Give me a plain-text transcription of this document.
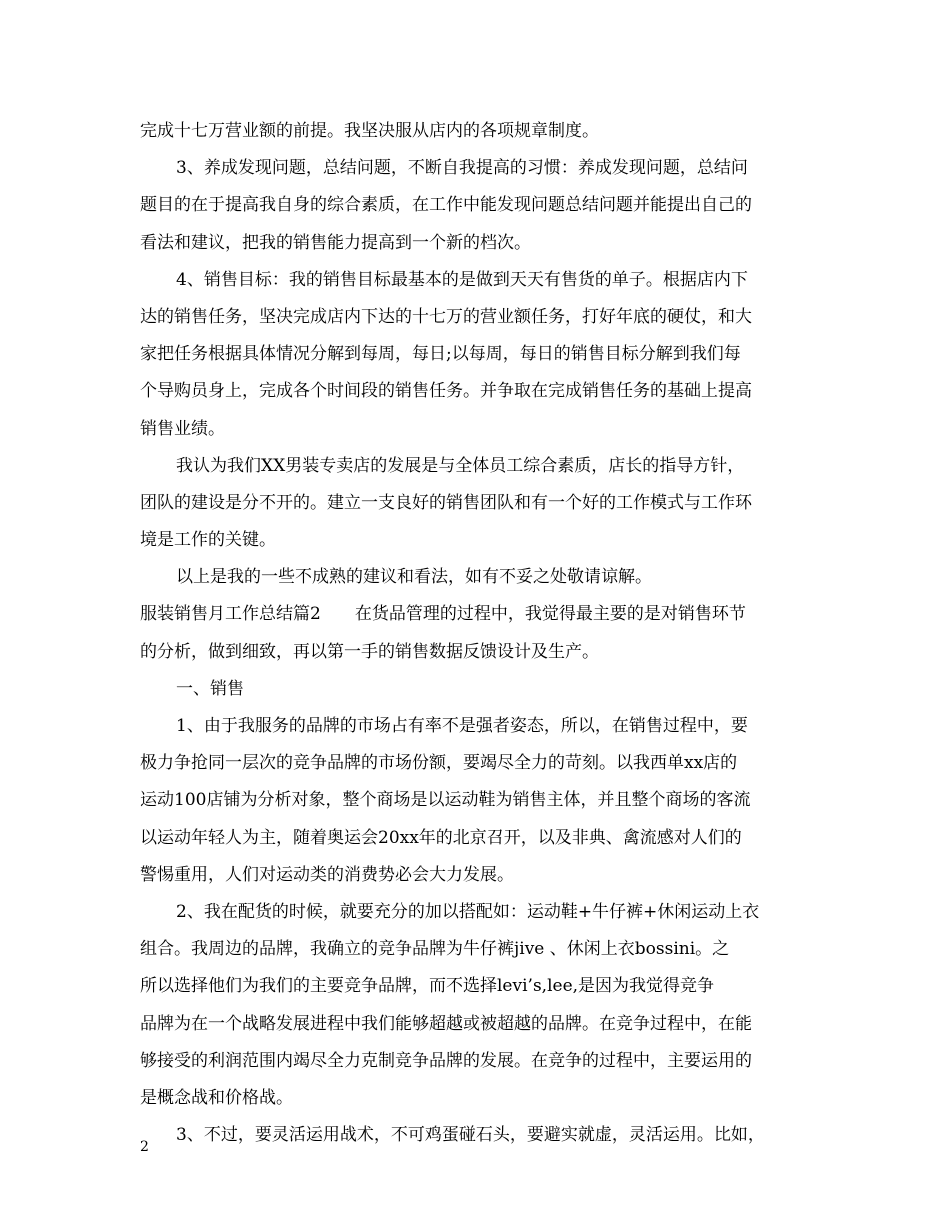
完成十七万营业额的前提。我坚决服从店内的各项规章制度。
3、养成发现问题，总结问题，不断自我提高的习惯：养成发现问题，总结问
题目的在于提高我自身的综合素质，在工作中能发现问题总结问题并能提出自己的
看法和建议，把我的销售能力提高到一个新的档次。
4、销售目标：我的销售目标最基本的是做到天天有售货的单子。根据店内下
达的销售任务，坚决完成店内下达的十七万的营业额任务，打好年底的硬仗，和大
家把任务根据具体情况分解到每周，每日;以每周，每日的销售目标分解到我们每
个导购员身上，完成各个时间段的销售任务。并争取在完成销售任务的基础上提高
销售业绩。
我认为我们XX男装专卖店的发展是与全体员工综合素质，店长的指导方针，
团队的建设是分不开的。建立一支良好的销售团队和有一个好的工作模式与工作环
境是工作的关键。
以上是我的一些不成熟的建议和看法，如有不妥之处敬请谅解。
服装销售月工作总结篇2　　在货品管理的过程中，我觉得最主要的是对销售环节
的分析，做到细致，再以第一手的销售数据反馈设计及生产。
一、销售
1、由于我服务的品牌的市场占有率不是强者姿态，所以，在销售过程中，要
极力争抢同一层次的竞争品牌的市场份额，要竭尽全力的苛刻。以我西单xx店的
运动100店铺为分析对象，整个商场是以运动鞋为销售主体，并且整个商场的客流
以运动年轻人为主，随着奥运会20xx年的北京召开，以及非典、禽流感对人们的
警惕重用，人们对运动类的消费势必会大力发展。
2、我在配货的时候，就要充分的加以搭配如：运动鞋+牛仔裤+休闲运动上衣
组合。我周边的品牌，我确立的竞争品牌为牛仔裤jive 、休闲上衣bossini。之
所以选择他们为我们的主要竞争品牌，而不选择levi’s,lee,是因为我觉得竞争
品牌为在一个战略发展进程中我们能够超越或被超越的品牌。在竞争过程中，在能
够接受的利润范围内竭尽全力克制竞争品牌的发展。在竞争的过程中，主要运用的
是概念战和价格战。
3、不过，要灵活运用战术，不可鸡蛋碰石头，要避实就虚，灵活运用。比如，
2
